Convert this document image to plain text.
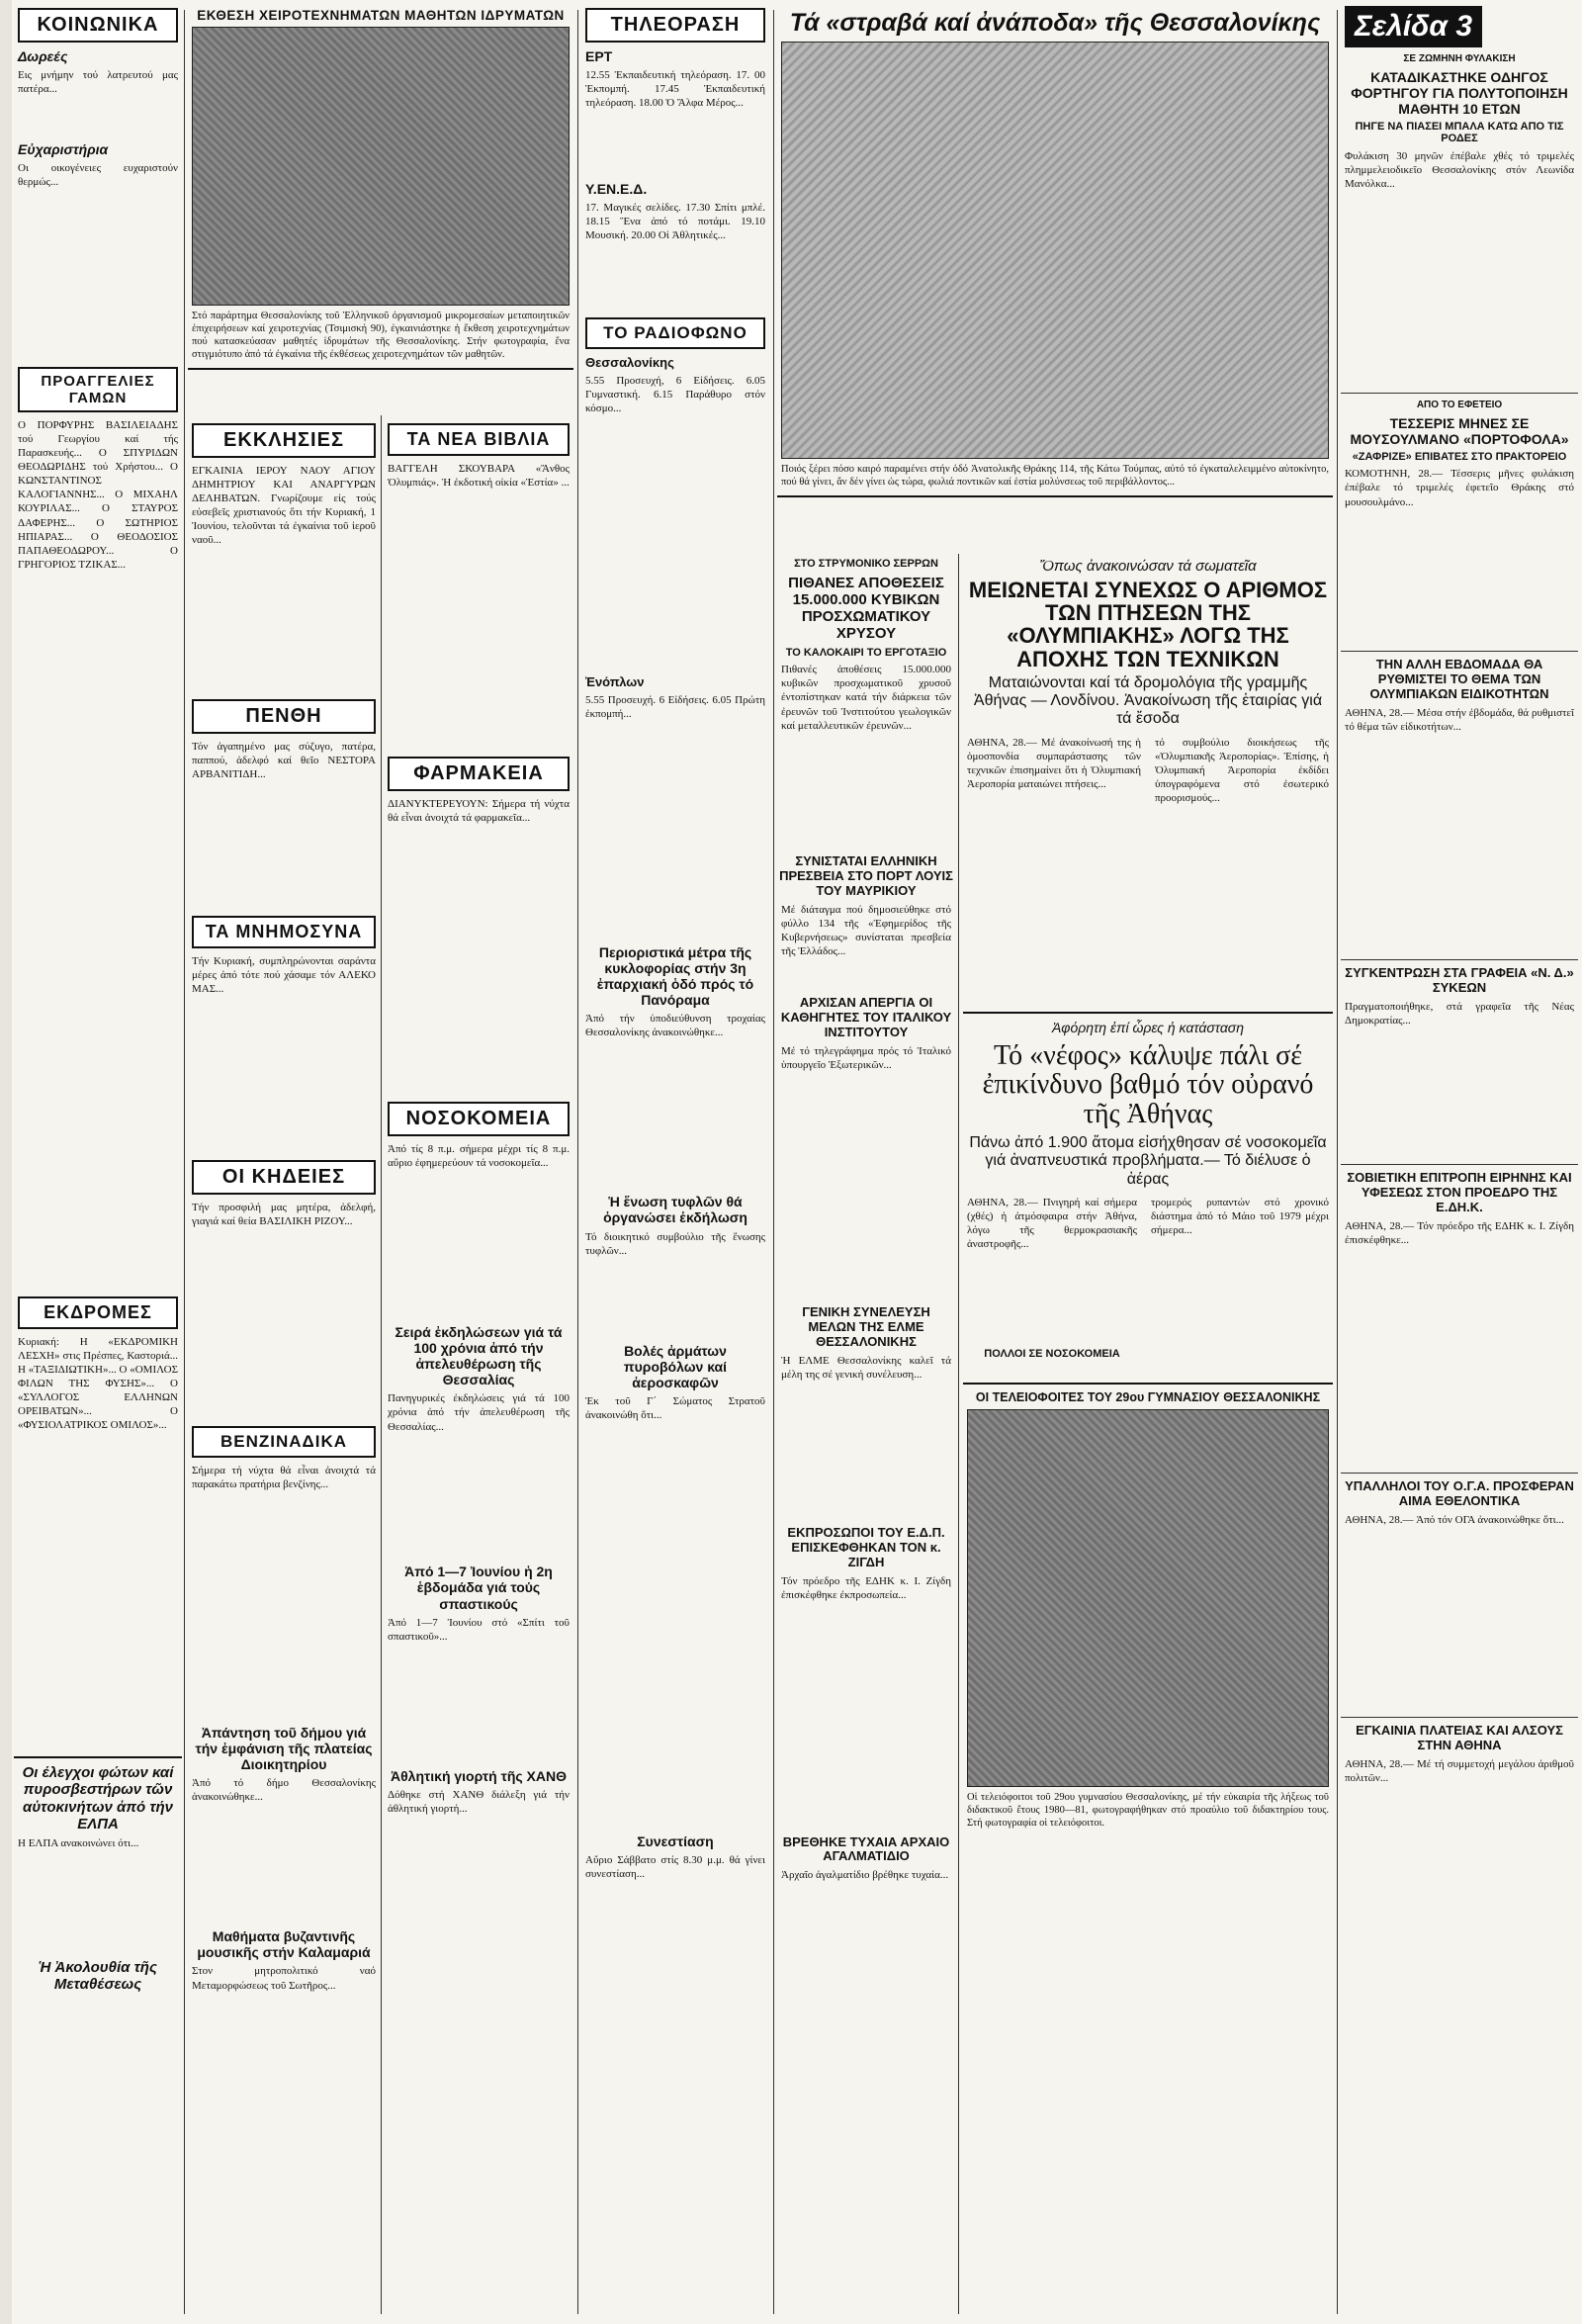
ΚΟΙΝΩΝΙΚΑ
Δωρεές
Εις μνήμην τού λατρευτού μας πατέρα...
Εὐχαριστήρια
Οι οικογένειες ευχαριστούν θερμώς...
ΠΡΟΑΓΓΕΛΙΕΣ ΓΑΜΩΝ
Ο ΠΟΡΦΥΡΗΣ ΒΑΣΙΛΕΙΑΔΗΣ τού Γεωργίου καί τής Παρασκευής... Ο ΣΠΥΡΙΔΩΝ ΘΕΟΔΩΡΙΔΗΣ τού Χρήστου... Ο ΚΩΝΣΤΑΝΤΙΝΟΣ ΚΑΛΟΓΙΑΝΝΗΣ... Ο ΜΙΧΑΗΛ ΚΟΥΡΙΛΑΣ... Ο ΣΤΑΥΡΟΣ ΔΑΦΕΡΗΣ... Ο ΣΩΤΗΡΙΟΣ ΗΠΙΑΡΑΣ... Ο ΘΕΟΔΟΣΙΟΣ ΠΑΠΑΘΕΟΔΩΡΟΥ... Ο ΓΡΗΓΟΡΙΟΣ ΤΖΙΚΑΣ...
ΕΚΔΡΟΜΕΣ
Κυριακή: Η «ΕΚΔΡΟΜΙΚΗ ΛΕΣΧΗ» στις Πρέσπες, Καστοριά... Η «ΤΑΞΙΔΙΩΤΙΚΗ»... Ο «ΟΜΙΛΟΣ ΦΙΛΩΝ ΤΗΣ ΦΥΣΗΣ»... Ο «ΣΥΛΛΟΓΟΣ ΕΛΛΗΝΩΝ ΟΡΕΙΒΑΤΩΝ»... Ο «ΦΥΣΙΟΛΑΤΡΙΚΟΣ ΟΜΙΛΟΣ»...
Οι έλεγχοι φώτων καί πυροσβεστήρων τῶν αὐτοκινήτων ἀπό τήν ΕΛΠΑ
Η ΕΛΠΑ ανακοινώνει ότι...
Ἡ Ἀκολουθία τῆς Μεταθέσεως
ΕΚΘΕΣΗ ΧΕΙΡΟΤΕΧΝΗΜΑΤΩΝ ΜΑΘΗΤΩΝ ΙΔΡΥΜΑΤΩΝ
Στό παράρτημα Θεσσαλονίκης τοῦ Ἑλληνικοῦ ὀργανισμοῦ μικρομεσαίων μεταποιητικῶν ἐπιχειρήσεων καί χειροτεχνίας (Τσιμισκή 90), ἐγκαινιάστηκε ἡ ἔκθεση χειροτεχνημάτων πού κατασκεύασαν μαθητές ἱδρυμάτων τῆς Θεσσαλονίκης. Στήν φωτογραφία, ἕνα στιγμιότυπο ἀπό τά ἐγκαίνια τῆς ἐκθέσεως χειροτεχνημάτων τῶν μαθητῶν.
ΕΚΚΛΗΣΙΕΣ
ΕΓΚΑΙΝΙΑ ΙΕΡΟΥ ΝΑΟΥ ΑΓΙΟΥ ΔΗΜΗΤΡΙΟΥ ΚΑΙ ΑΝΑΡΓΥΡΩΝ ΔΕΛΗΒΑΤΩΝ. Γνωρίζουμε εἰς τούς εὐσεβεῖς χριστιανούς ὅτι τήν Κυριακή, 1 Ἰουνίου, τελοῦνται τά ἐγκαίνια τοῦ ἱεροῦ ναοῦ...
ΠΕΝΘΗ
Τόν ἀγαπημένο μας σύζυγο, πατέρα, παππού, ἀδελφό καί θεῖο ΝΕΣΤΟΡΑ ΑΡΒΑΝΙΤΙΔΗ...
ΤΑ ΜΝΗΜΟΣΥΝΑ
Τήν Κυριακή, συμπληρώνονται σαράντα μέρες ἀπό τότε πού χάσαμε τόν ΑΛΕΚΟ ΜΑΣ...
ΟΙ ΚΗΔΕΙΕΣ
Τήν προσφιλή μας μητέρα, ἀδελφή, γιαγιά καί θεία ΒΑΣΙΛΙΚΗ ΡΙΖΟΥ...
ΒΕΝΖΙΝΑΔΙΚΑ
Σήμερα τή νύχτα θά εἶναι ἀνοιχτά τά παρακάτω πρατήρια βενζίνης...
Ἀπάντηση τοῦ δήμου γιά τήν ἐμφάνιση τῆς πλατείας Διοικητηρίου
Ἀπό τό δήμο Θεσσαλονίκης ἀνακοινώθηκε...
Μαθήματα βυζαντινῆς μουσικῆς στήν Καλαμαριά
Στον μητροπολιτικό ναό Μεταμορφώσεως τοῦ Σωτῆρος...
ΤΑ ΝΕΑ ΒΙΒΛΙΑ
ΒΑΓΓΕΛΗ ΣΚΟΥΒΑΡΑ «Ἄνθος Ὀλυμπιάς». Ἡ ἐκδοτική οἰκία «Ἑστία» ...
ΦΑΡΜΑΚΕΙΑ
ΔΙΑΝΥΚΤΕΡΕΥΟΥΝ: Σήμερα τή νύχτα θά εἶναι ἀνοιχτά τά φαρμακεῖα...
ΝΟΣΟΚΟΜΕΙΑ
Ἀπό τίς 8 π.μ. σήμερα μέχρι τίς 8 π.μ. αὔριο ἐφημερεύουν τά νοσοκομεῖα...
Σειρά ἐκδηλώσεων γιά τά 100 χρόνια ἀπό τήν ἀπελευθέρωση τῆς Θεσσαλίας
Πανηγυρικές ἐκδηλώσεις γιά τά 100 χρόνια ἀπό τήν ἀπελευθέρωση τῆς Θεσσαλίας...
Ἀπό 1—7 Ἰουνίου ἡ 2η ἑβδομάδα γιά τούς σπαστικούς
Ἀπό 1—7 Ἰουνίου στό «Σπίτι τοῦ σπαστικοῦ»...
Ἀθλητική γιορτή τῆς ΧΑΝΘ
Δόθηκε στή ΧΑΝΘ διάλεξη γιά τήν ἀθλητική γιορτή...
ΤΗΛΕΟΡΑΣΗ
ΕΡΤ
12.55 Ἐκπαιδευτική τηλεόραση. 17. 00 Ἐκπομπή. 17.45 Ἐκπαιδευτική τηλεόραση. 18.00 Ὁ Ἄλφα Μέρος...
Υ.ΕΝ.Ε.Δ.
17. Μαγικές σελίδες. 17.30 Σπίτι μπλέ. 18.15 Ἕνα ἀπό τό ποτάμι. 19.10 Μουσική. 20.00 Οἱ Ἀθλητικές...
ΤΟ ΡΑΔΙΟΦΩΝΟ
Θεσσαλονίκης
5.55 Προσευχή, 6 Εἰδήσεις. 6.05 Γυμναστική. 6.15 Παράθυρο στόν κόσμο...
Ἐνόπλων
5.55 Προσευχή. 6 Εἰδήσεις. 6.05 Πρώτη ἐκπομπή...
Περιοριστικά μέτρα τῆς κυκλοφορίας στήν 3η ἐπαρχιακή ὁδό πρός τό Πανόραμα
Ἀπό τήν ὑποδιεύθυνση τροχαίας Θεσσαλονίκης ἀνακοινώθηκε...
Ἡ ἕνωση τυφλῶν θά ὀργανώσει ἐκδήλωση
Τό διοικητικό συμβούλιο τῆς ἕνωσης τυφλῶν...
Βολές ἀρμάτων πυροβόλων καί ἀεροσκαφῶν
Ἐκ τοῦ Γ΄ Σώματος Στρατοῦ ἀνακοινώθη ὅτι...
Συνεστίαση
Αὔριο Σάββατο στίς 8.30 μ.μ. θά γίνει συνεστίαση...
Τά «στραβά καί ἀνάποδα» τῆς Θεσσαλονίκης
Ποιός ξέρει πόσο καιρό παραμένει στήν ὁδό Ἀνατολικῆς Θράκης 114, τῆς Κάτω Τούμπας, αὐτό τό ἐγκαταλελειμμένο αὐτοκίνητο, πού θά γίνει, ἄν δέν γίνει ὡς τώρα, φωλιά ποντικῶν καί ἑστία μολύνσεως τοῦ περιβάλλοντος...
ΣΤΟ ΣΤΡΥΜΟΝΙΚΟ ΣΕΡΡΩΝ
ΠΙΘΑΝΕΣ ΑΠΟΘΕΣΕΙΣ 15.000.000 ΚΥΒΙΚΩΝ ΠΡΟΣΧΩΜΑΤΙΚΟΥ ΧΡΥΣΟΥ
ΤΟ ΚΑΛΟΚΑΙΡΙ ΤΟ ΕΡΓΟΤΑΞΙΟ
Πιθανές ἀποθέσεις 15.000.000 κυβικῶν προσχωματικοῦ χρυσοῦ ἐντοπίστηκαν κατά τήν διάρκεια τῶν ἐρευνῶν τοῦ Ἰνστιτούτου γεωλογικῶν καί μεταλλευτικῶν ἐρευνῶν...
ΣΥΝΙΣΤΑΤΑΙ ΕΛΛΗΝΙΚΗ ΠΡΕΣΒΕΙΑ ΣΤΟ ΠΟΡΤ ΛΟΥΙΣ ΤΟΥ ΜΑΥΡΙΚΙΟΥ
Μέ διάταγμα πού δημοσιεύθηκε στό φύλλο 134 τῆς «Ἐφημερίδος τῆς Κυβερνήσεως» συνίσταται πρεσβεία τῆς Ἑλλάδος...
ΑΡΧΙΣΑΝ ΑΠΕΡΓΙΑ ΟΙ ΚΑΘΗΓΗΤΕΣ ΤΟΥ ΙΤΑΛΙΚΟΥ ΙΝΣΤΙΤΟΥΤΟΥ
Μέ τό τηλεγράφημα πρός τό Ἰταλικό ὑπουργεῖο Ἐξωτερικῶν...
ΓΕΝΙΚΗ ΣΥΝΕΛΕΥΣΗ ΜΕΛΩΝ ΤΗΣ ΕΛΜΕ ΘΕΣΣΑΛΟΝΙΚΗΣ
Ἡ ΕΛΜΕ Θεσσαλονίκης καλεῖ τά μέλη της σέ γενική συνέλευση...
ΕΚΠΡΟΣΩΠΟΙ ΤΟΥ Ε.Δ.Π. ΕΠΙΣΚΕΦΘΗΚΑΝ ΤΟΝ κ. ΖΙΓΔΗ
Τόν πρόεδρο τῆς ΕΔΗΚ κ. Ι. Ζίγδη ἐπισκέφθηκε ἐκπροσωπεία...
ΒΡΕΘΗΚΕ ΤΥΧΑΙΑ ΑΡΧΑΙΟ ΑΓΑΛΜΑΤΙΔΙΟ
Ἀρχαῖο ἀγαλματίδιο βρέθηκε τυχαία...
Ὅπως ἀνακοινώσαν τά σωματεῖα
ΜΕΙΩΝΕΤΑΙ ΣΥΝΕΧΩΣ Ο ΑΡΙΘΜΟΣ ΤΩΝ ΠΤΗΣΕΩΝ ΤΗΣ «ΟΛΥΜΠΙΑΚΗΣ» ΛΟΓΩ ΤΗΣ ΑΠΟΧΗΣ ΤΩΝ ΤΕΧΝΙΚΩΝ
Ματαιώνονται καί τά δρομολόγια τῆς γραμμῆς Ἀθήνας — Λονδίνου. Ἀνακοίνωση τῆς ἑταιρίας γιά τά ἔσοδα
ΑΘΗΝΑ, 28.— Μέ ἀνακοίνωσή της ἡ ὁμοσπονδία συμπαράστασης τῶν τεχνικῶν ἐπισημαίνει ὅτι ἡ Ὀλυμπιακή Ἀεροπορία ματαιώνει πτήσεις...
τό συμβούλιο διοικήσεως τῆς «Ὀλυμπιακῆς Ἀεροπορίας». Ἐπίσης, ἡ Ὀλυμπιακή Ἀεροπορία ἐκδίδει ὑπογραφόμενα στό ἐσωτερικό προορισμούς...
Ἀφόρητη ἐπί ὧρες ἡ κατάσταση
Τό «νέφος» κάλυψε πάλι σέ ἐπικίνδυνο βαθμό τόν οὐρανό τῆς Ἀθήνας
Πάνω ἀπό 1.900 ἄτομα εἰσήχθησαν σέ νοσοκομεῖα γιά ἀναπνευστικά προβλήματα.— Τό διέλυσε ὁ ἀέρας
ΑΘΗΝΑ, 28.— Πνιγηρή καί σήμερα (χθές) ἡ ἀτμόσφαιρα στήν Ἀθήνα, λόγω τῆς θερμοκρασιακῆς ἀναστροφῆς...
ΠΟΛΛΟΙ ΣΕ ΝΟΣΟΚΟΜΕΙΑ
τρομερός ρυπαντών στό χρονικό διάστημα ἀπό τό Μάιο τοῦ 1979 μέχρι σήμερα...
ΟΙ ΤΕΛΕΙΟΦΟΙΤΕΣ ΤΟΥ 29ου ΓΥΜΝΑΣΙΟΥ ΘΕΣΣΑΛΟΝΙΚΗΣ
Οἱ τελειόφοιτοι τοῦ 29ου γυμνασίου Θεσσαλονίκης, μέ τήν εὐκαιρία τῆς λήξεως τοῦ διδακτικοῦ ἔτους 1980—81, φωτογραφήθηκαν στό προαύλιο τοῦ διδακτηρίου τους. Στή φωτογραφία οἱ τελειόφοιτοι.
Σελίδα 3
ΣΕ ΖΩΜΗΝΗ ΦΥΛΑΚΙΣΗ
ΚΑΤΑΔΙΚΑΣΤΗΚΕ ΟΔΗΓΟΣ ΦΟΡΤΗΓΟΥ ΓΙΑ ΠΟΛΥΤΟΠΟΙΗΣΗ ΜΑΘΗΤΗ 10 ΕΤΩΝ
ΠΗΓΕ ΝΑ ΠΙΑΣΕΙ ΜΠΑΛΑ ΚΑΤΩ ΑΠΟ ΤΙΣ ΡΟΔΕΣ
Φυλάκιση 30 μηνῶν ἐπέβαλε χθές τό τριμελές πλημμελειοδικεῖο Θεσσαλονίκης στόν Λεωνίδα Μανόλκα...
ΑΠΟ ΤΟ ΕΦΕΤΕΙΟ
ΤΕΣΣΕΡΙΣ ΜΗΝΕΣ ΣΕ ΜΟΥΣΟΥΛΜΑΝΟ «ΠΟΡΤΟΦΟΛΑ»
«ΖΑΦΡΙΖΕ» ΕΠΙΒΑΤΕΣ ΣΤΟ ΠΡΑΚΤΟΡΕΙΟ
ΚΟΜΟΤΗΝΗ, 28.— Τέσσερις μῆνες φυλάκιση ἐπέβαλε τό τριμελές ἐφετεῖο Θράκης στό μουσουλμάνο...
ΤΗΝ ΑΛΛΗ ΕΒΔΟΜΑΔΑ ΘΑ ΡΥΘΜΙΣΤΕΙ ΤΟ ΘΕΜΑ ΤΩΝ ΟΛΥΜΠΙΑΚΩΝ ΕΙΔΙΚΟΤΗΤΩΝ
ΑΘΗΝΑ, 28.— Μέσα στήν ἐβδομάδα, θά ρυθμιστεῖ τό θέμα τῶν εἰδικοτήτων...
ΣΥΓΚΕΝΤΡΩΣΗ ΣΤΑ ΓΡΑΦΕΙΑ «Ν. Δ.» ΣΥΚΕΩΝ
Πραγματοποιήθηκε, στά γραφεῖα τῆς Νέας Δημοκρατίας...
ΣΟΒΙΕΤΙΚΗ ΕΠΙΤΡΟΠΗ ΕΙΡΗΝΗΣ ΚΑΙ ΥΦΕΣΕΩΣ ΣΤΟΝ ΠΡΟΕΔΡΟ ΤΗΣ Ε.ΔΗ.Κ.
ΑΘΗΝΑ, 28.— Τόν πρόεδρο τῆς ΕΔΗΚ κ. Ι. Ζίγδη ἐπισκέφθηκε...
ΥΠΑΛΛΗΛΟΙ ΤΟΥ Ο.Γ.Α. ΠΡΟΣΦΕΡΑΝ ΑΙΜΑ ΕΘΕΛΟΝΤΙΚΑ
ΑΘΗΝΑ, 28.— Ἀπό τόν ΟΓΑ ἀνακοινώθηκε ὅτι...
ΕΓΚΑΙΝΙΑ ΠΛΑΤΕΙΑΣ ΚΑΙ ΑΛΣΟΥΣ ΣΤΗΝ ΑΘΗΝΑ
ΑΘΗΝΑ, 28.— Μέ τή συμμετοχή μεγάλου ἀριθμοῦ πολιτῶν...
